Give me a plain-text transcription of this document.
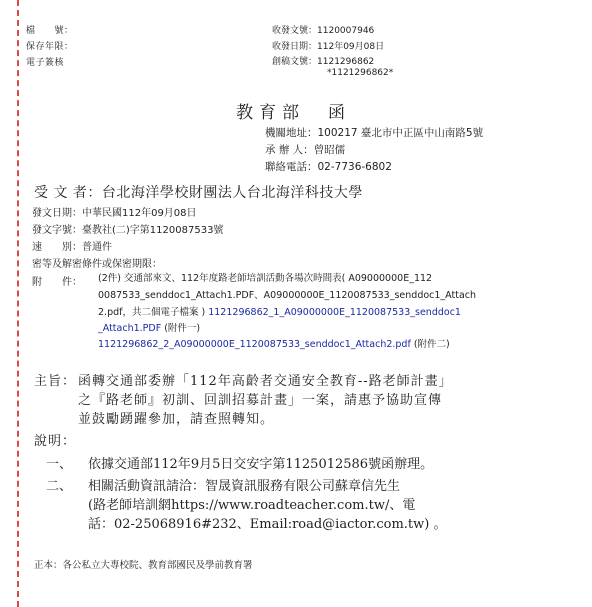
檔　　號：
保存年限：
電子簽核
收發文號：1120007946
收發日期：112年09月08日
創稿文號：1121296862
*1121296862*
教育部　函
機關地址：100217 臺北市中正區中山南路5號
承 辦 人：曾昭儒
聯絡電話：02-7736-6802
受 文 者：台北海洋學校財團法人台北海洋科技大學
發文日期：中華民國112年09月08日
發文字號：臺教社(二)字第1120087533號
速　　別：普通件
密等及解密條件或保密期限：
附　　件： (2件) 交通部來文、112年度路老師培訓活動各場次時間表( A09000000E_112
0087533_senddoc1_Attach1.PDF、A09000000E_1120087533_senddoc1_Attach
2.pdf，共二個電子檔案 ) 1121296862_1_A09000000E_1120087533_senddoc1
_Attach1.PDF (附件一)
1121296862_2_A09000000E_1120087533_senddoc1_Attach2.pdf (附件二)
主旨： 函轉交通部委辦「112年高齡者交通安全教育--路老師計畫」
之『路老師』初訓、回訓招募計畫」一案，請惠予協助宣傳
並鼓勵踴躍參加，請查照轉知。
說明：
一、 依據交通部112年9月5日交安字第1125012586號函辦理。
二、 相關活動資訊請洽：智晟資訊服務有限公司蘇章信先生
(路老師培訓網https://www.roadteacher.com.tw/、電
話：02-25068916#232、Email:road@iactor.com.tw) 。
正本：各公私立大專校院、教育部國民及學前教育署
